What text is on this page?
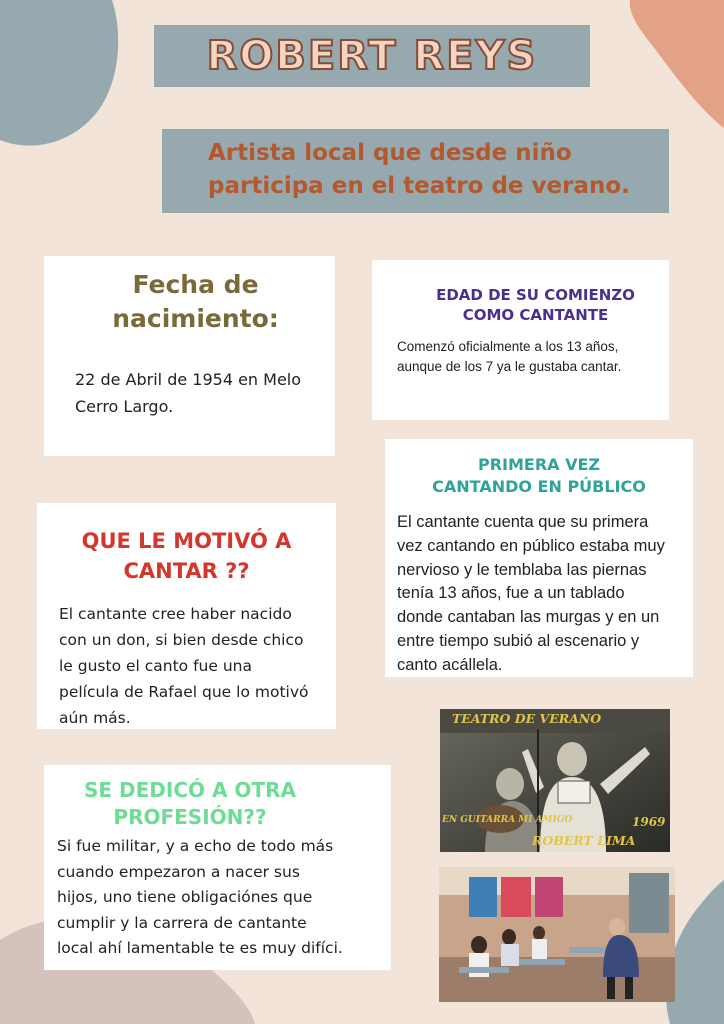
ROBERT REYS
Artista local que desde niño
participa en el teatro de verano.
Fecha de
nacimiento:

22 de Abril de 1954 en Melo
Cerro Largo.

EDAD DE SU COMIENZO
COMO CANTANTE

Comenzó oficialmente a los 13 años,
aunque de los 7 ya le gustaba cantar.

PRIMERA VEZ
CANTANDO EN PÚBLICO

El cantante cuenta que su primera
vez cantando en público estaba muy
nervioso y le temblaba las piernas
tenía 13 años, fue a un tablado
donde cantaban las murgas y en un
entre tiempo subió al escenario y
canto acállela.

QUE LE MOTIVÓ A
CANTAR ??

El cantante cree haber nacido
con un don, si bien desde chico
le gusto el canto fue una
película de Rafael que lo motivó
aún más.

SE DEDICÓ A OTRA
PROFESIÓN??

Si fue militar, y a echo de todo más
cuando empezaron a nacer sus
hijos, uno tiene obligaciónes que
cumplir y la carrera de cantante
local ahí lamentable te es muy difíci.

TEATRO DE VERANO
EN GUITARRA MI AMIGO	1969
ROBERT LIMA
